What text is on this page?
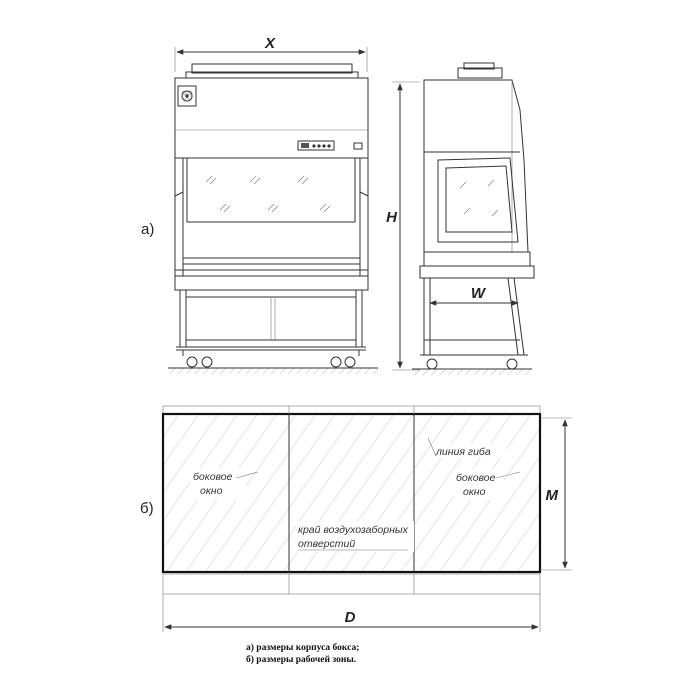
X
а)
H
W
M
D
боковое
окно
линия гиба
боковое
окно
край воздухозаборных
отверстий
б)
а) размеры корпуса бокса;
б) размеры рабочей зоны.
